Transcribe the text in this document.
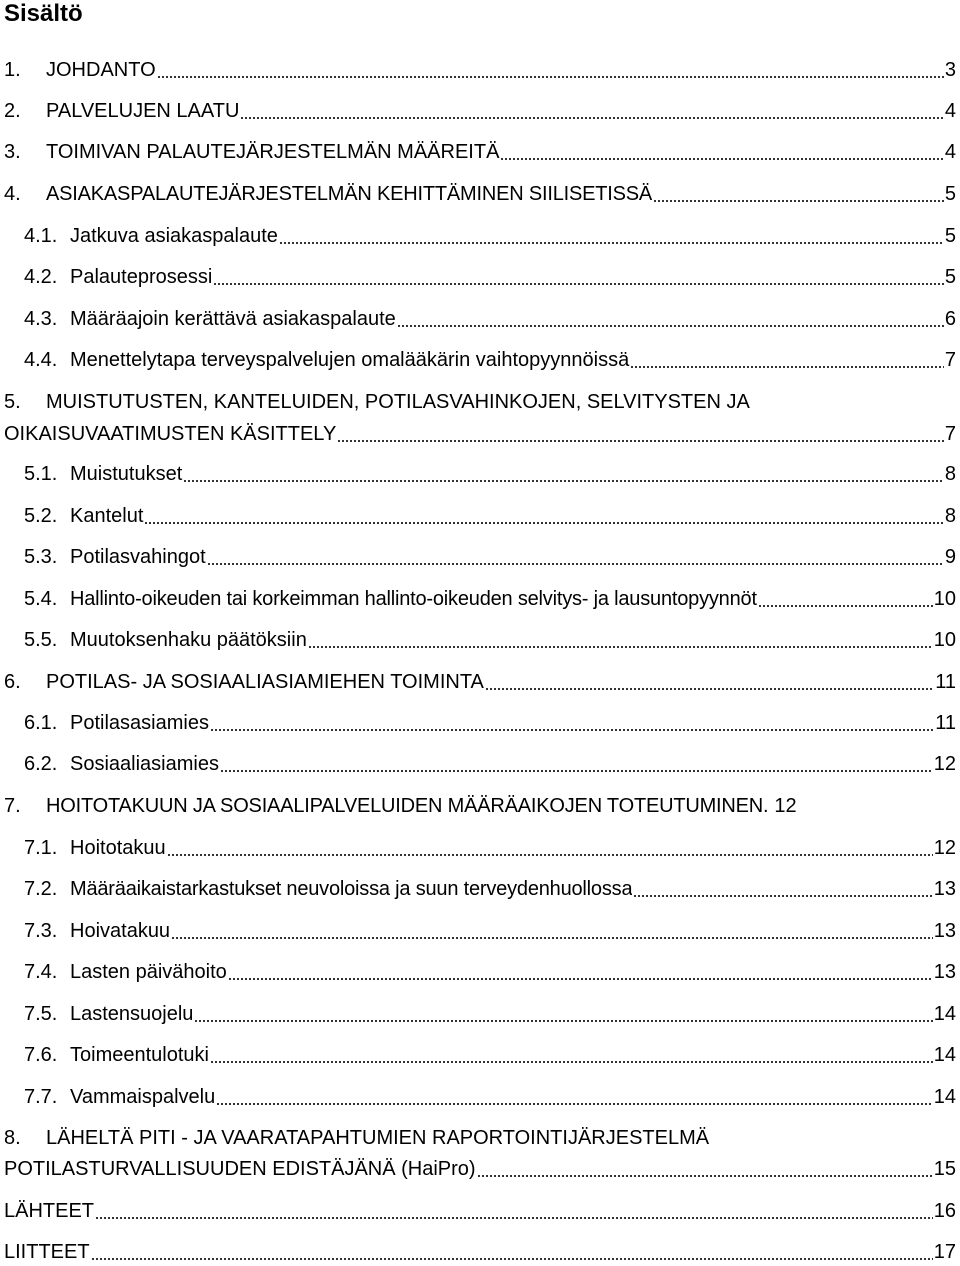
Sisältö
1.	JOHDANTO	3
2.	PALVELUJEN LAATU	4
3.	TOIMIVAN PALAUTEJÄRJESTELMÄN MÄÄREITÄ	4
4.	ASIAKASPALAUTEJÄRJESTELMÄN KEHITTÄMINEN SIILISETISSÄ	5
4.1. Jatkuva asiakaspalaute	5
4.2. Palauteprosessi	5
4.3. Määräajoin kerättävä asiakaspalaute	6
4.4. Menettelytapa terveyspalvelujen omalääkärin vaihtopyynnöissä	7
5. MUISTUTUSTEN, KANTELUIDEN, POTILASVAHINKOJEN, SELVITYSTEN JA
OIKAISUVAATIMUSTEN KÄSITTELY	7
5.1. Muistutukset	8
5.2. Kantelut	8
5.3. Potilasvahingot	9
5.4. Hallinto-oikeuden tai korkeimman hallinto-oikeuden selvitys- ja lausuntopyynnöt	10
5.5. Muutoksenhaku päätöksiin	10
6.	POTILAS- JA SOSIAALIASIAMIEHEN TOIMINTA	11
6.1. Potilasasiamies	11
6.2. Sosiaaliasiamies	12
7.	HOITOTAKUUN JA SOSIAALIPALVELUIDEN MÄÄRÄAIKOJEN TOTEUTUMINEN. 12
7.1. Hoitotakuu	12
7.2. Määräaikaistarkastukset neuvoloissa ja suun terveydenhuollossa	13
7.3. Hoivatakuu	13
7.4. Lasten päivähoito	13
7.5. Lastensuojelu	14
7.6. Toimeentulotuki	14
7.7. Vammaispalvelu	14
8. LÄHELTÄ PITI - JA VAARATAPAHTUMIEN RAPORTOINTIJÄRJESTELMÄ
POTILASTURVALLISUUDEN EDISTÄJÄNÄ (HaiPro)	15
LÄHTEET	16
LIITTEET	17
